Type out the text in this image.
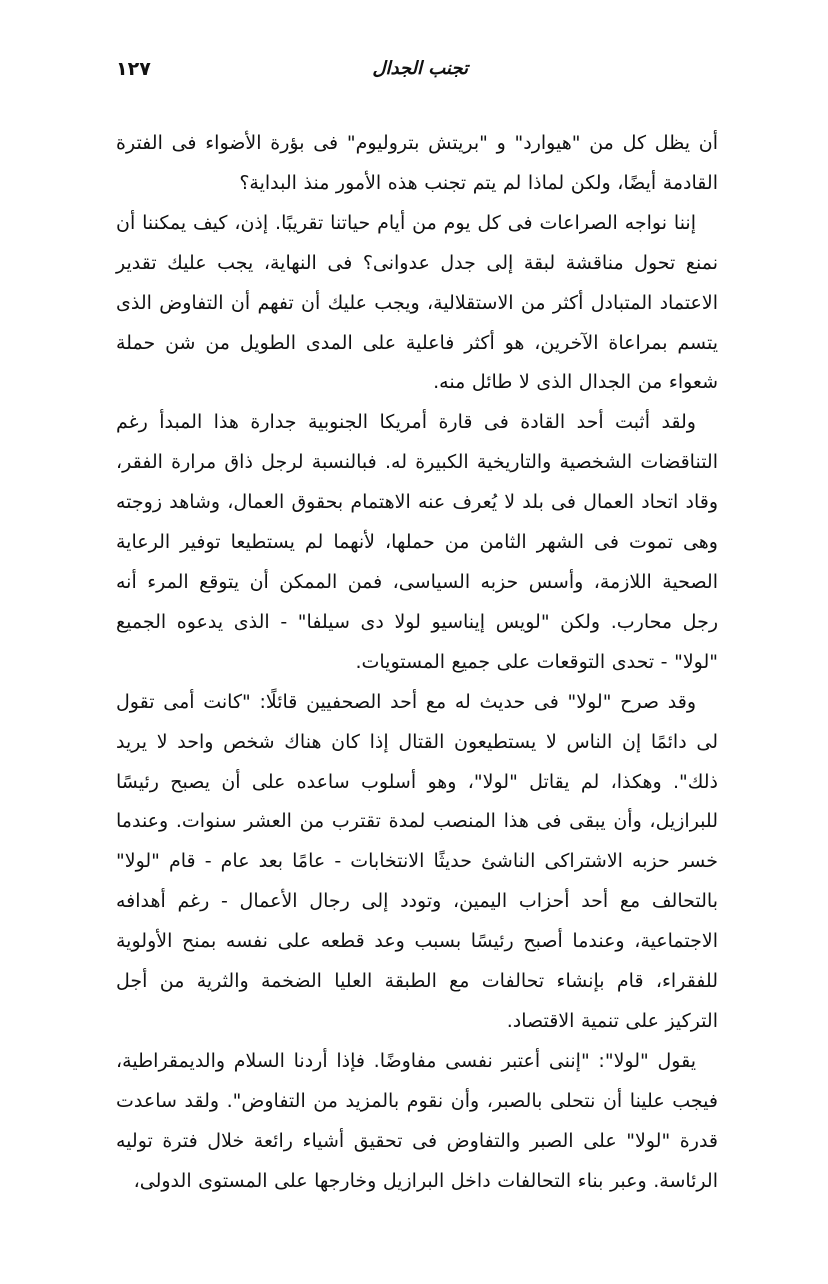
تجنب الجدال
١٢٧

أن يظل كل من "هيوارد" و "بريتش بتروليوم" فى بؤرة الأضواء فى الفترة القادمة أيضًا، ولكن لماذا لم يتم تجنب هذه الأمور منذ البداية؟

إننا نواجه الصراعات فى كل يوم من أيام حياتنا تقريبًا. إذن، كيف يمكننا أن نمنع تحول مناقشة لبقة إلى جدل عدوانى؟ فى النهاية، يجب عليك تقدير الاعتماد المتبادل أكثر من الاستقلالية، ويجب عليك أن تفهم أن التفاوض الذى يتسم بمراعاة الآخرين، هو أكثر فاعلية على المدى الطويل من شن حملة شعواء من الجدال الذى لا طائل منه.

ولقد أثبت أحد القادة فى قارة أمريكا الجنوبية جدارة هذا المبدأ رغم التناقضات الشخصية والتاريخية الكبيرة له. فبالنسبة لرجل ذاق مرارة الفقر، وقاد اتحاد العمال فى بلد لا يُعرف عنه الاهتمام بحقوق العمال، وشاهد زوجته وهى تموت فى الشهر الثامن من حملها، لأنهما لم يستطيعا توفير الرعاية الصحية اللازمة، وأسس حزبه السياسى، فمن الممكن أن يتوقع المرء أنه رجل محارب. ولكن "لويس إيناسيو لولا دى سيلفا" - الذى يدعوه الجميع "لولا" - تحدى التوقعات على جميع المستويات.

وقد صرح "لولا" فى حديث له مع أحد الصحفيين قائلًا: "كانت أمى تقول لى دائمًا إن الناس لا يستطيعون القتال إذا كان هناك شخص واحد لا يريد ذلك". وهكذا، لم يقاتل "لولا"، وهو أسلوب ساعده على أن يصبح رئيسًا للبرازيل، وأن يبقى فى هذا المنصب لمدة تقترب من العشر سنوات. وعندما خسر حزبه الاشتراكى الناشئ حديثًا الانتخابات - عامًا بعد عام - قام "لولا" بالتحالف مع أحد أحزاب اليمين، وتودد إلى رجال الأعمال - رغم أهدافه الاجتماعية، وعندما أصبح رئيسًا بسبب وعد قطعه على نفسه بمنح الأولوية للفقراء، قام بإنشاء تحالفات مع الطبقة العليا الضخمة والثرية من أجل التركيز على تنمية الاقتصاد.

يقول "لولا": "إننى أعتبر نفسى مفاوضًا. فإذا أردنا السلام والديمقراطية، فيجب علينا أن نتحلى بالصبر، وأن نقوم بالمزيد من التفاوض". ولقد ساعدت قدرة "لولا" على الصبر والتفاوض فى تحقيق أشياء رائعة خلال فترة توليه الرئاسة. وعبر بناء التحالفات داخل البرازيل وخارجها على المستوى الدولى،
